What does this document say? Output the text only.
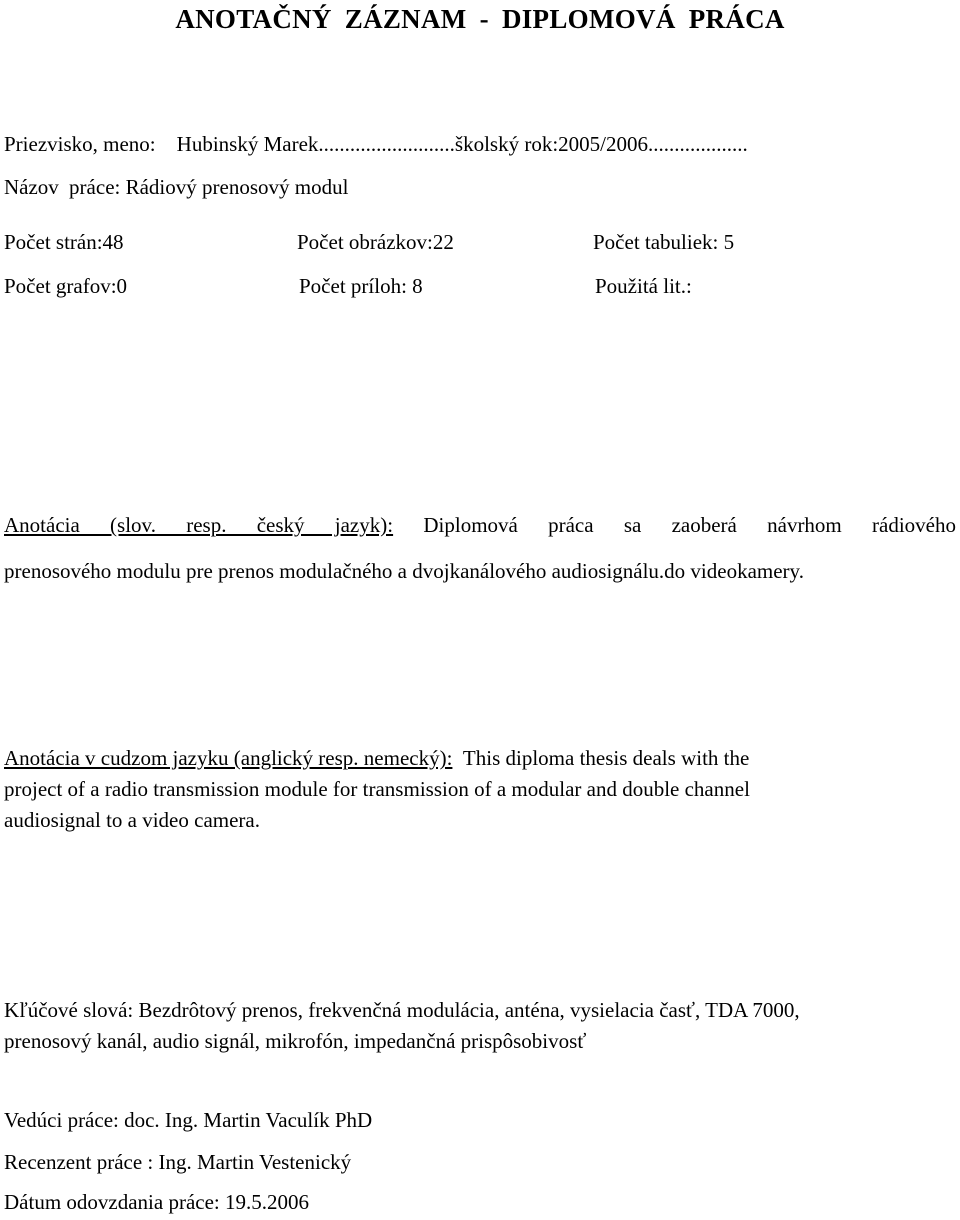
ANOTAČNÝ ZÁZNAM - DIPLOMOVÁ PRÁCA
Priezvisko, meno: Hubinský Marek..........................školský rok:2005/2006...................
Názov práce: Rádiový prenosový modul
Počet strán:48	Počet obrázkov:22	Počet tabuliek: 5
Počet grafov:0	Počet príloh: 8	Použitá lit.:
Anotácia (slov. resp. český jazyk): Diplomová práca sa zaoberá návrhom rádiového
prenosového modulu pre prenos modulačného a dvojkanálového audiosignálu.do videokamery.
Anotácia v cudzom jazyku (anglický resp. nemecký): This diploma thesis deals with the
project of a radio transmission module for transmission of a modular and double channel
audiosignal to a video camera.
Kľúčové slová: Bezdrôtový prenos, frekvenčná modulácia, anténa, vysielacia časť, TDA 7000,
prenosový kanál, audio signál, mikrofón, impedančná prispôsobivosť
Vedúci práce: doc. Ing. Martin Vaculík PhD
Recenzent práce : Ing. Martin Vestenický
Dátum odovzdania práce: 19.5.2006
